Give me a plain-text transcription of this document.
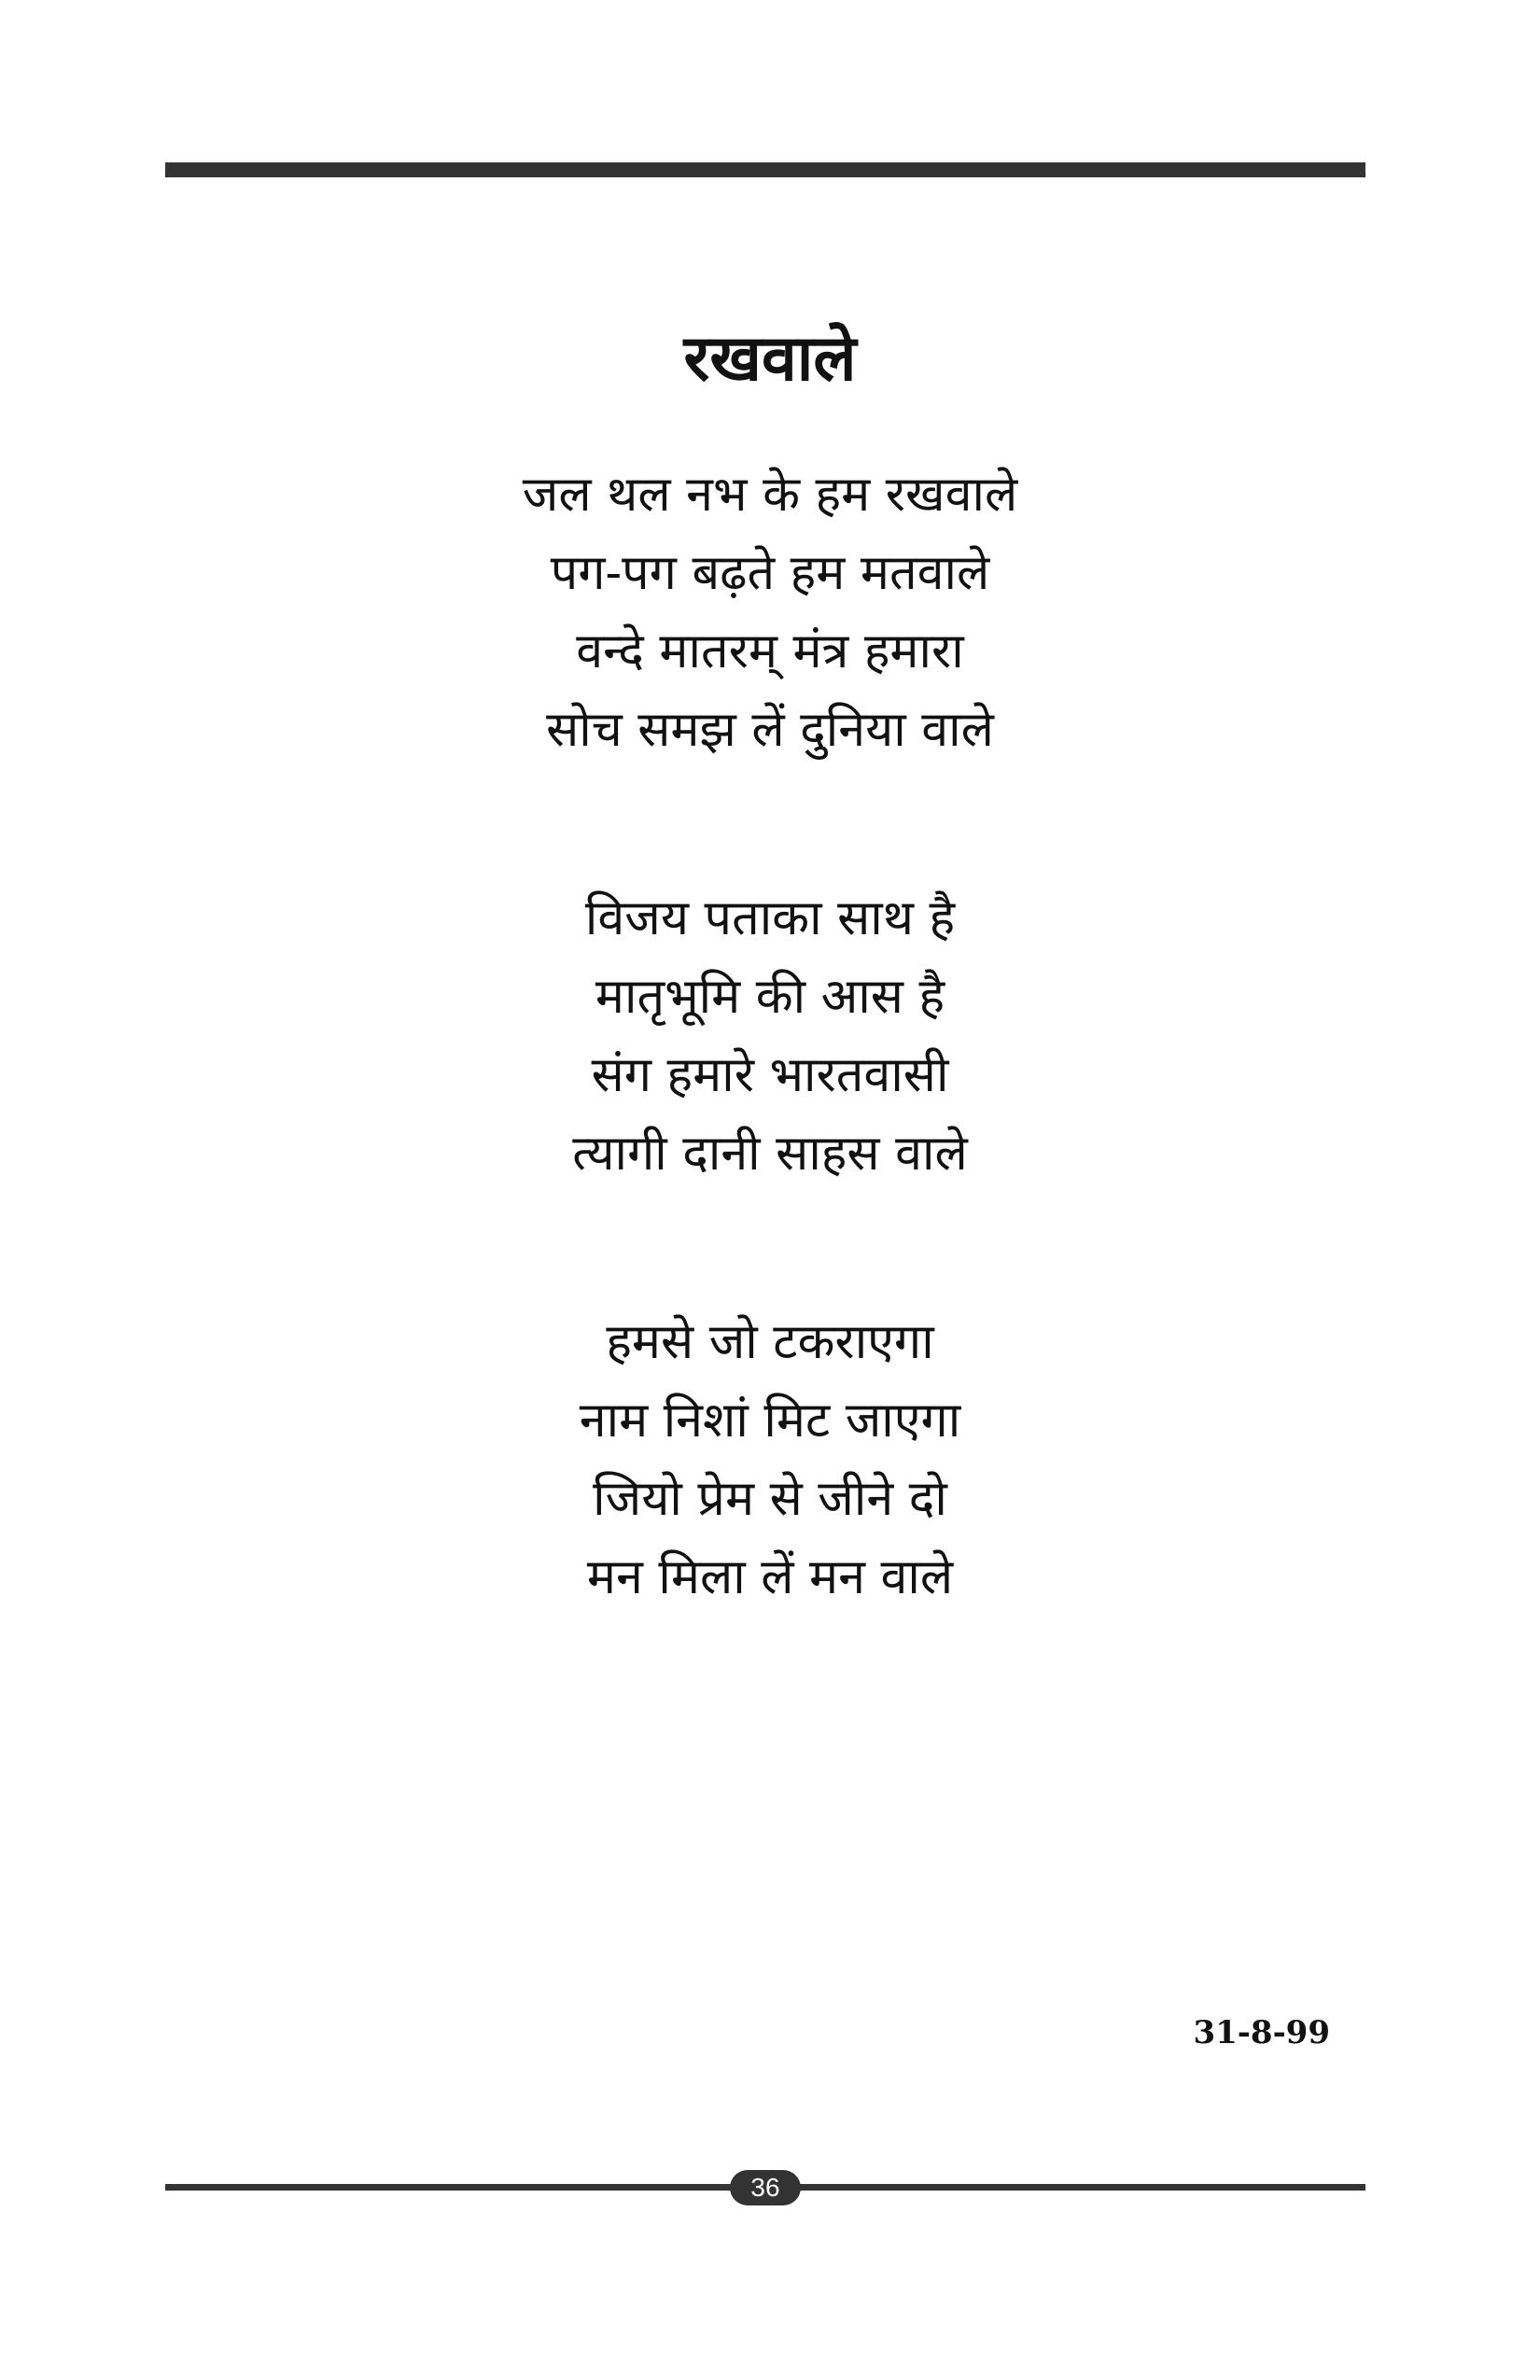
रखवाले
जल थल नभ के हम रखवाले
पग-पग बढ़ते हम मतवाले
वन्दे मातरम् मंत्र हमारा
सोच समझ लें दुनिया वाले
विजय पताका साथ है
मातृभूमि की आस है
संग हमारे भारतवासी
त्यागी दानी साहस वाले
हमसे जो टकराएगा
नाम निशां मिट जाएगा
जियो प्रेम से जीने दो
मन मिला लें मन वाले
31-8-99
36
